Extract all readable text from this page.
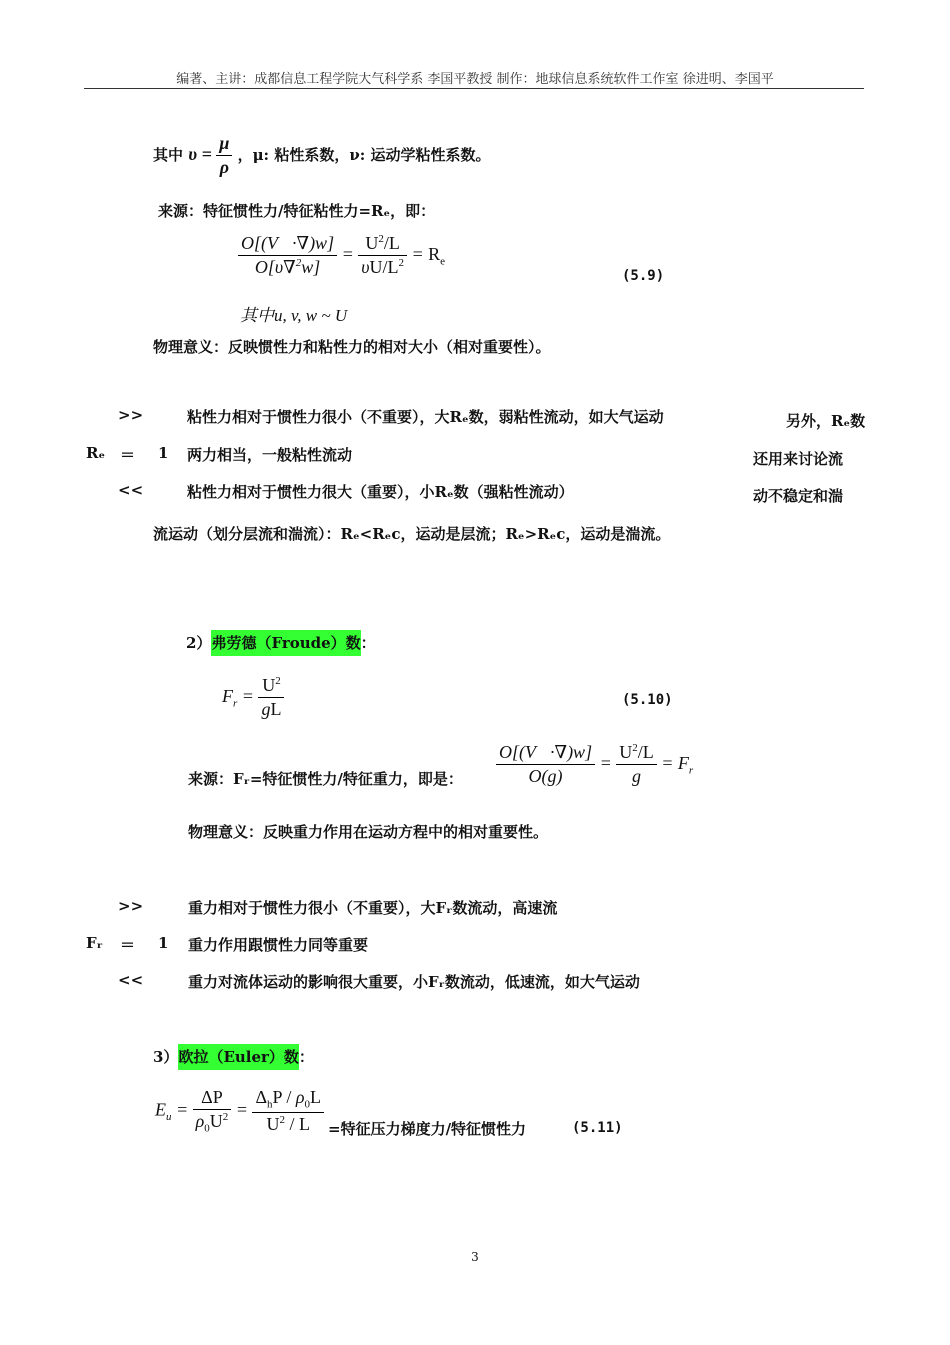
编著、主讲：成都信息工程学院大气科学系 李国平教授 制作：地球信息系统软件工作室 徐进明、李国平
其中 $\upsilon = \frac{\mu}{\rho}$ ，μ: 粘性系数，ν: 运动学粘性系数。
来源：特征惯性力/特征粘性力=Rₑ，即：
$\frac{O[(V⃗\cdot\nabla)w]}{O[\upsilon\nabla^2w]} = \frac{U^2/L}{\upsilon U/L^2} = R_e$
(5.9)
其中u, v, w ~ U
物理意义：反映惯性力和粘性力的相对大小（相对重要性）。
>>	粘性力相对于惯性力很小（不重要），大Rₑ数，弱粘性流动，如大气运动
Rₑ ＝ 1 两力相当，一般粘性流动
<<	粘性力相对于惯性力很大（重要），小Rₑ数（强粘性流动）
另外，Rₑ数
还用来讨论流
动不稳定和湍
流运动（划分层流和湍流）：Rₑ<Rₑc，运动是层流；Rₑ>Rₑc，运动是湍流。
2）弗劳德（Froude）数：
$F_r = \frac{U^2}{gL}$	(5.10)
来源：Fᵣ=特征惯性力/特征重力，即是： $\frac{O[(V⃗\cdot\nabla)w]}{O(g)} = \frac{U^2/L}{g} = F_r$
物理意义：反映重力作用在运动方程中的相对重要性。
>>	重力相对于惯性力很小（不重要），大Fᵣ数流动，高速流
Fᵣ ＝ 1 重力作用跟惯性力同等重要
<<	重力对流体运动的影响很大重要，小Fᵣ数流动，低速流，如大气运动
3）欧拉（Euler）数：
$E_u = \frac{\Delta P}{\rho_0U^2} = \frac{\Delta_hP / \rho_0L}{U^2 / L}$ =特征压力梯度力/特征惯性力	(5.11)
3
